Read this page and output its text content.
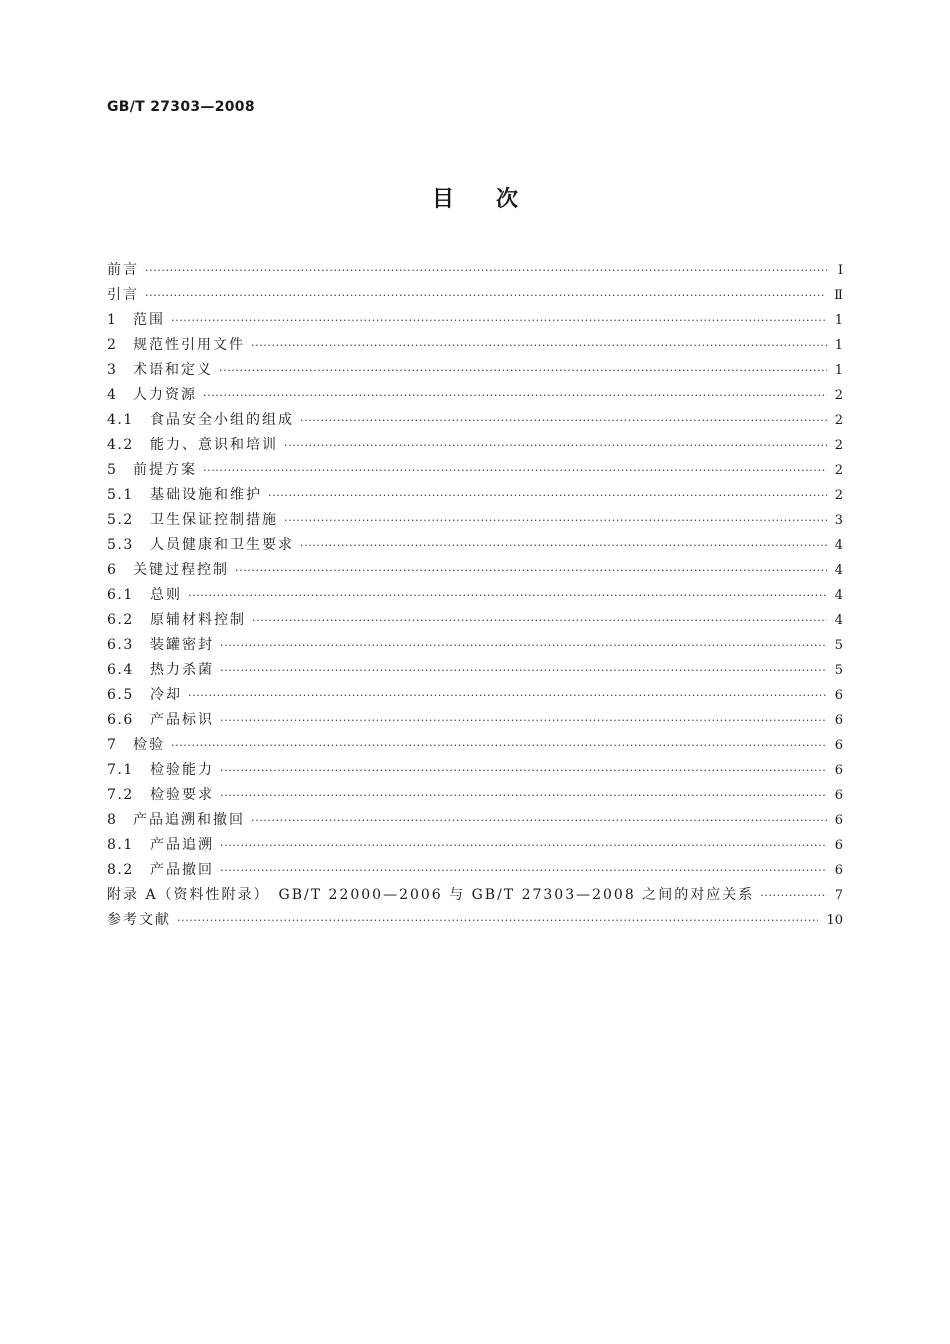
GB/T 27303—2008
目次
前言 ·····	Ⅰ
引言 ·····	Ⅱ
1	范围 ·····	1
2	规范性引用文件 ·····	1
3	术语和定义 ·····	1
4	人力资源 ·····	2
4.1	食品安全小组的组成 ·····	2
4.2	能力、意识和培训 ·····	2
5	前提方案 ·····	2
5.1	基础设施和维护 ·····	2
5.2	卫生保证控制措施 ·····	3
5.3	人员健康和卫生要求 ·····	4
6	关键过程控制 ·····	4
6.1	总则 ·····	4
6.2	原辅材料控制 ·····	4
6.3	装罐密封 ·····	5
6.4	热力杀菌 ·····	5
6.5	冷却 ·····	6
6.6	产品标识 ·····	6
7	检验 ·····	6
7.1	检验能力 ·····	6
7.2	检验要求 ·····	6
8	产品追溯和撤回 ·····	6
8.1	产品追溯 ·····	6
8.2	产品撤回 ·····	6
附录 A（资料性附录）　GB/T 22000—2006 与 GB/T 27303—2008 之间的对应关系 ·····	7
参考文献 ·····	10
